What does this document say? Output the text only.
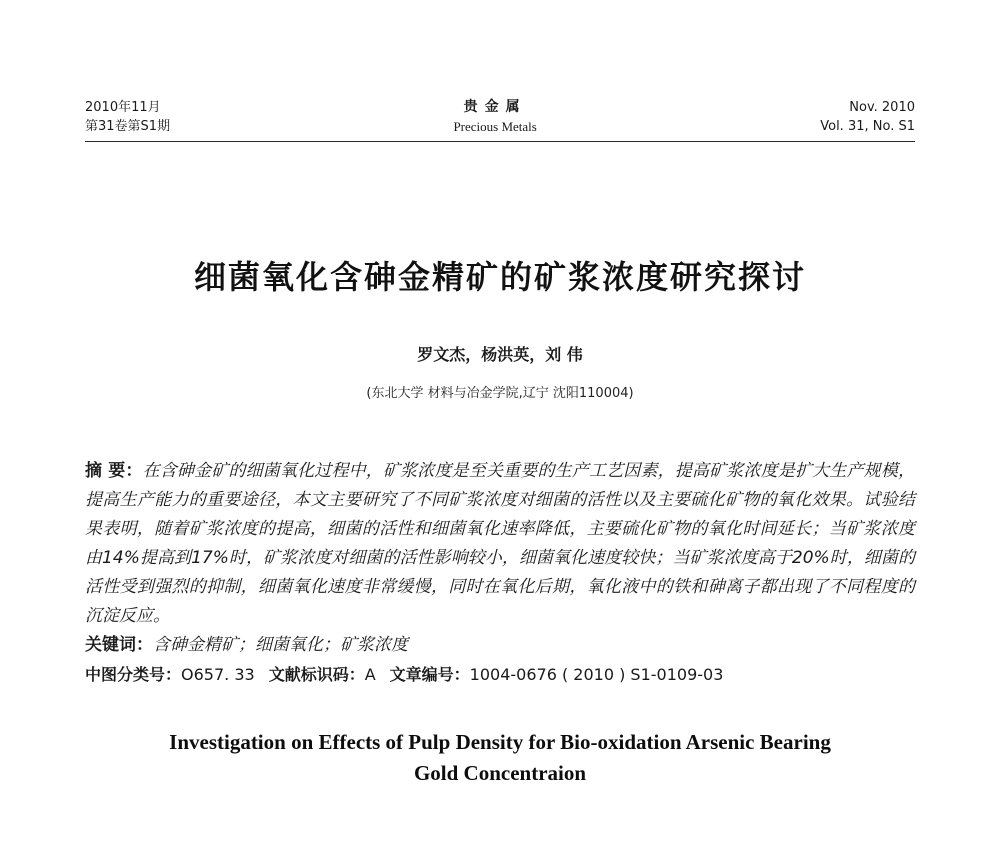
2010年11月
第31卷第S1期
贵金属
Precious Metals
Nov. 2010
Vol. 31, No. S1
细菌氧化含砷金精矿的矿浆浓度研究探讨
罗文杰，杨洪英，刘 伟
(东北大学 材料与冶金学院,辽宁 沈阳110004)

摘 要：在含砷金矿的细菌氧化过程中，矿浆浓度是至关重要的生产工艺因素，提高矿浆浓度是扩大生产规模，提高生产能力的重要途径，本文主要研究了不同矿浆浓度对细菌的活性以及主要硫化矿物的氧化效果。试验结果表明，随着矿浆浓度的提高，细菌的活性和细菌氧化速率降低，主要硫化矿物的氧化时间延长；当矿浆浓度由14%提高到17%时，矿浆浓度对细菌的活性影响较小，细菌氧化速度较快；当矿浆浓度高于20%时，细菌的活性受到强烈的抑制，细菌氧化速度非常缓慢，同时在氧化后期，氧化液中的铁和砷离子都出现了不同程度的沉淀反应。

关键词：含砷金精矿；细菌氧化；矿浆浓度

中图分类号：O657. 33 文献标识码：A 文章编号：1004-0676 ( 2010 ) S1-0109-03

Investigation on Effects of Pulp Density for Bio-oxidation Arsenic Bearing
Gold Concentraion
